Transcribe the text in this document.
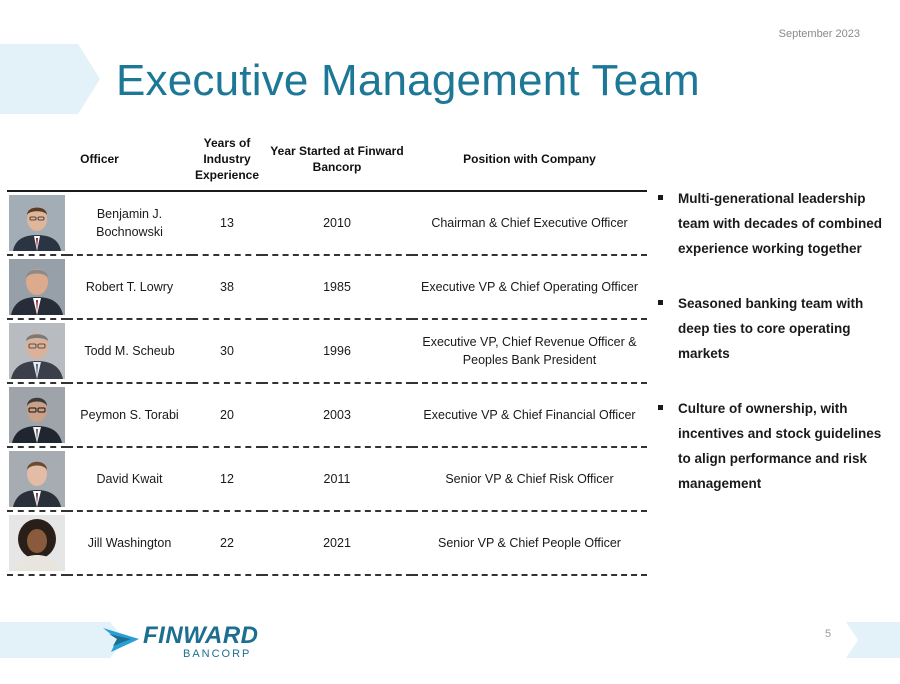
September 2023
Executive Management Team
Officer		Years of Industry Experience	Year Started at Finward Bancorp	Position with Company

	Benjamin J. Bochnowski	13	2010	Chairman & Chief Executive Officer

	Robert T. Lowry	38	1985	Executive VP & Chief Operating Officer

	Todd M. Scheub	30	1996	Executive VP, Chief Revenue Officer & Peoples Bank President

	Peymon S. Torabi	20	2003	Executive VP & Chief Financial Officer

	David Kwait	12	2011	Senior VP & Chief Risk Officer

	Jill Washington	22	2021	Senior VP & Chief People Officer
Multi-generational leadership team with decades of combined experience working together
Seasoned banking team with deep ties to core operating markets
Culture of ownership, with incentives and stock guidelines to align performance and risk management
FINWARD
BANCORP
5
